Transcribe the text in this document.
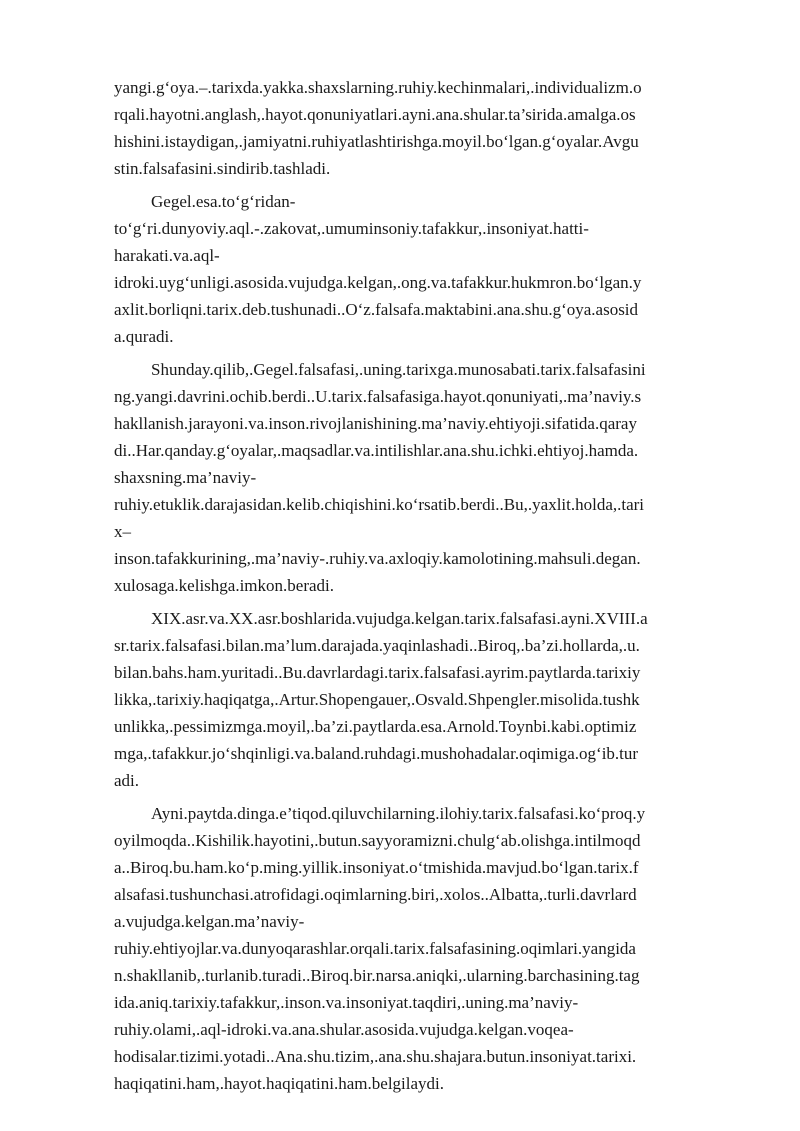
yangi.g‘oya.–.tarixda.yakka.shaxslarning.ruhiy.kechinmalari,.individualizm.o
rqali.hayotni.anglash,.hayot.qonuniyatlari.ayni.ana.shular.ta’sirida.amalga.os
hishini.istaydigan,.jamiyatni.ruhiyatlashtirishga.moyil.bo‘lgan.g‘oyalar.Avgu
stin.falsafasini.sindirib.tashladi.
Gegel.esa.to‘g‘ridan-
to‘g‘ri.dunyoviy.aql.-.zakovat,.umuminsoniy.tafakkur,.insoniyat.hatti-
harakati.va.aql-
idroki.uyg‘unligi.asosida.vujudga.kelgan,.ong.va.tafakkur.hukmron.bo‘lgan.y
axlit.borliqni.tarix.deb.tushunadi..O‘z.falsafa.maktabini.ana.shu.g‘oya.asosid
a.quradi.
Shunday.qilib,.Gegel.falsafasi,.uning.tarixga.munosabati.tarix.falsafasini
ng.yangi.davrini.ochib.berdi..U.tarix.falsafasiga.hayot.qonuniyati,.ma’naviy.s
hakllanish.jarayoni.va.inson.rivojlanishining.ma’naviy.ehtiyoji.sifatida.qaray
di..Har.qanday.g‘oyalar,.maqsadlar.va.intilishlar.ana.shu.ichki.ehtiyoj.hamda.
shaxsning.ma’naviy-
ruhiy.etuklik.darajasidan.kelib.chiqishini.ko‘rsatib.berdi..Bu,.yaxlit.holda,.tari
x–
inson.tafakkurining,.ma’naviy-.ruhiy.va.axloqiy.kamolotining.mahsuli.degan.
xulosaga.kelishga.imkon.beradi.
XIX.asr.va.XX.asr.boshlarida.vujudga.kelgan.tarix.falsafasi.ayni.XVIII.a
sr.tarix.falsafasi.bilan.ma’lum.darajada.yaqinlashadi..Biroq,.ba’zi.hollarda,.u.
bilan.bahs.ham.yuritadi..Bu.davrlardagi.tarix.falsafasi.ayrim.paytlarda.tarixiy
likka,.tarixiy.haqiqatga,.Artur.Shopengauer,.Osvald.Shpengler.misolida.tushk
unlikka,.pessimizmga.moyil,.ba’zi.paytlarda.esa.Arnold.Toynbi.kabi.optimiz
mga,.tafakkur.jo‘shqinligi.va.baland.ruhdagi.mushohadalar.oqimiga.og‘ib.tur
adi.
Ayni.paytda.dinga.e’tiqod.qiluvchilarning.ilohiy.tarix.falsafasi.ko‘proq.y
oyilmoqda..Kishilik.hayotini,.butun.sayyoramizni.chulg‘ab.olishga.intilmoqd
a..Biroq.bu.ham.ko‘p.ming.yillik.insoniyat.o‘tmishida.mavjud.bo‘lgan.tarix.f
alsafasi.tushunchasi.atrofidagi.oqimlarning.biri,.xolos..Albatta,.turli.davrlard
a.vujudga.kelgan.ma’naviy-
ruhiy.ehtiyojlar.va.dunyoqarashlar.orqali.tarix.falsafasining.oqimlari.yangida
n.shakllanib,.turlanib.turadi..Biroq.bir.narsa.aniqki,.ularning.barchasining.tag
ida.aniq.tarixiy.tafakkur,.inson.va.insoniyat.taqdiri,.uning.ma’naviy-
ruhiy.olami,.aql-idroki.va.ana.shular.asosida.vujudga.kelgan.voqea-
hodisalar.tizimi.yotadi..Ana.shu.tizim,.ana.shu.shajara.butun.insoniyat.tarixi.
haqiqatini.ham,.hayot.haqiqatini.ham.belgilaydi.
